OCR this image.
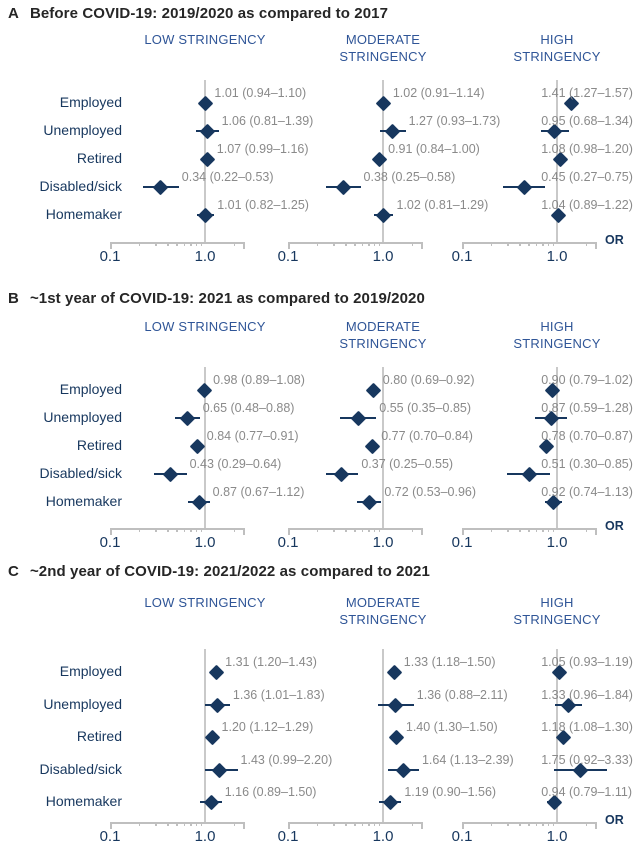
A Before COVID-19: 2019/2020 as compared to 2017
LOW STRINGENCY	MODERATE STRINGENCY
HIGH STRINGENCY
Employed
Unemployed
Retired
Disabled/sick
Homemaker
0.1	1.0
1.01 (0.94–1.10)
1.06 (0.81–1.39)
1.07 (0.99–1.16)
0.34 (0.22–0.53)
1.01 (0.82–1.25)
0.1	1.0
1.02 (0.91–1.14)
1.27 (0.93–1.73)
0.91 (0.84–1.00)
0.38 (0.25–0.58)
1.02 (0.81–1.29)
0.1	1.0
1.41 (1.27–1.57)
0.95 (0.68–1.34)
1.08 (0.98–1.20)
0.45 (0.27–0.75)
1.04 (0.89–1.22)
OR
B ~1st year of COVID-19: 2021 as compared to 2019/2020
LOW STRINGENCY	MODERATE STRINGENCY
HIGH STRINGENCY
Employed
Unemployed
Retired
Disabled/sick
Homemaker
0.1	1.0
0.98 (0.89–1.08)
0.65 (0.48–0.88)
0.84 (0.77–0.91)
0.43 (0.29–0.64)
0.87 (0.67–1.12)
0.1	1.0
0.80 (0.69–0.92)
0.55 (0.35–0.85)
0.77 (0.70–0.84)
0.37 (0.25–0.55)
0.72 (0.53–0.96)
0.1	1.0
0.90 (0.79–1.02)
0.87 (0.59–1.28)
0.78 (0.70–0.87)
0.51 (0.30–0.85)
0.92 (0.74–1.13)
OR
C ~2nd year of COVID-19: 2021/2022 as compared to 2021
LOW STRINGENCY	MODERATE STRINGENCY
HIGH STRINGENCY
Employed
Unemployed
Retired
Disabled/sick
Homemaker
0.1	1.0
1.31 (1.20–1.43)
1.36 (1.01–1.83)
1.20 (1.12–1.29)
1.43 (0.99–2.20)
1.16 (0.89–1.50)
0.1	1.0
1.33 (1.18–1.50)
1.36 (0.88–2.11)
1.40 (1.30–1.50)
1.64 (1.13–2.39)
1.19 (0.90–1.56)
0.1	1.0
1.05 (0.93–1.19)
1.33 (0.96–1.84)
1.18 (1.08–1.30)
1.75 (0.92–3.33)
0.94 (0.79–1.11)
OR
